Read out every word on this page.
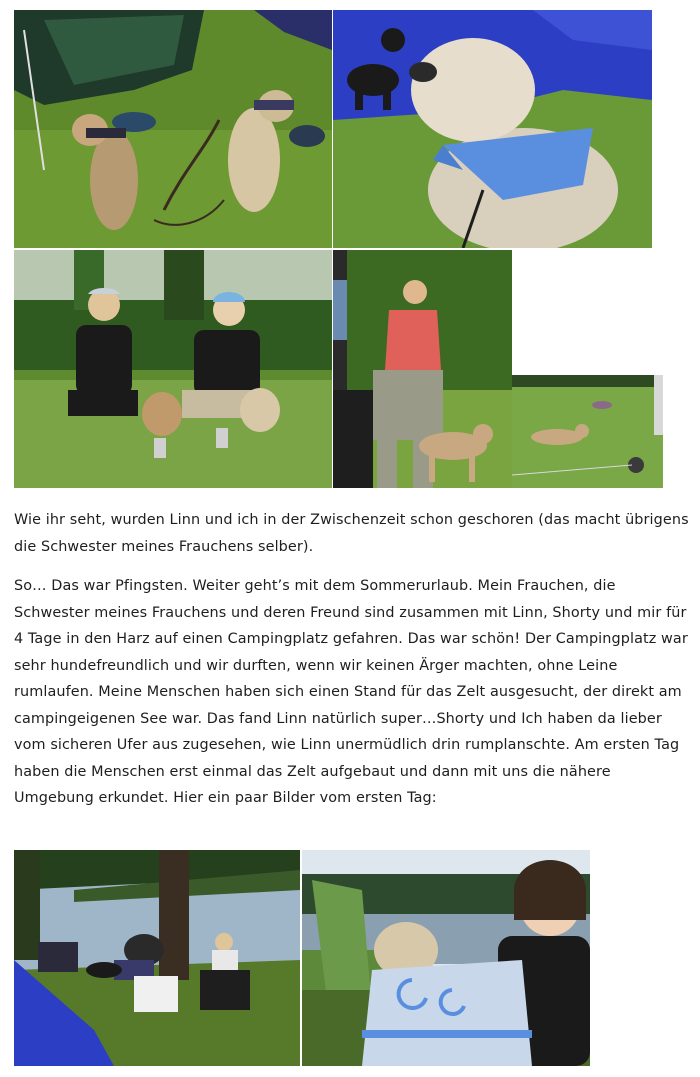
Wie ihr seht, wurden Linn und ich in der Zwischenzeit schon geschoren (das macht übrigens die Schwester meines Frauchens selber).

So… Das war Pfingsten. Weiter geht’s mit dem Sommerurlaub. Mein Frauchen, die Schwester meines Frauchens und deren Freund sind zusammen mit Linn, Shorty und mir für 4 Tage in den Harz auf einen Campingplatz gefahren. Das war schön! Der Campingplatz war sehr hundefreundlich und wir durften, wenn wir keinen Ärger machten, ohne Leine rumlaufen. Meine Menschen haben sich einen Stand für das Zelt ausgesucht, der direkt am campingeigenen See war. Das fand Linn natürlich super…Shorty und Ich haben da lieber vom sicheren Ufer aus zugesehen, wie Linn unermüdlich drin rumplanschte. Am ersten Tag haben die Menschen erst einmal das Zelt aufgebaut und dann mit uns die nähere Umgebung erkundet. Hier ein paar Bilder vom ersten Tag:
